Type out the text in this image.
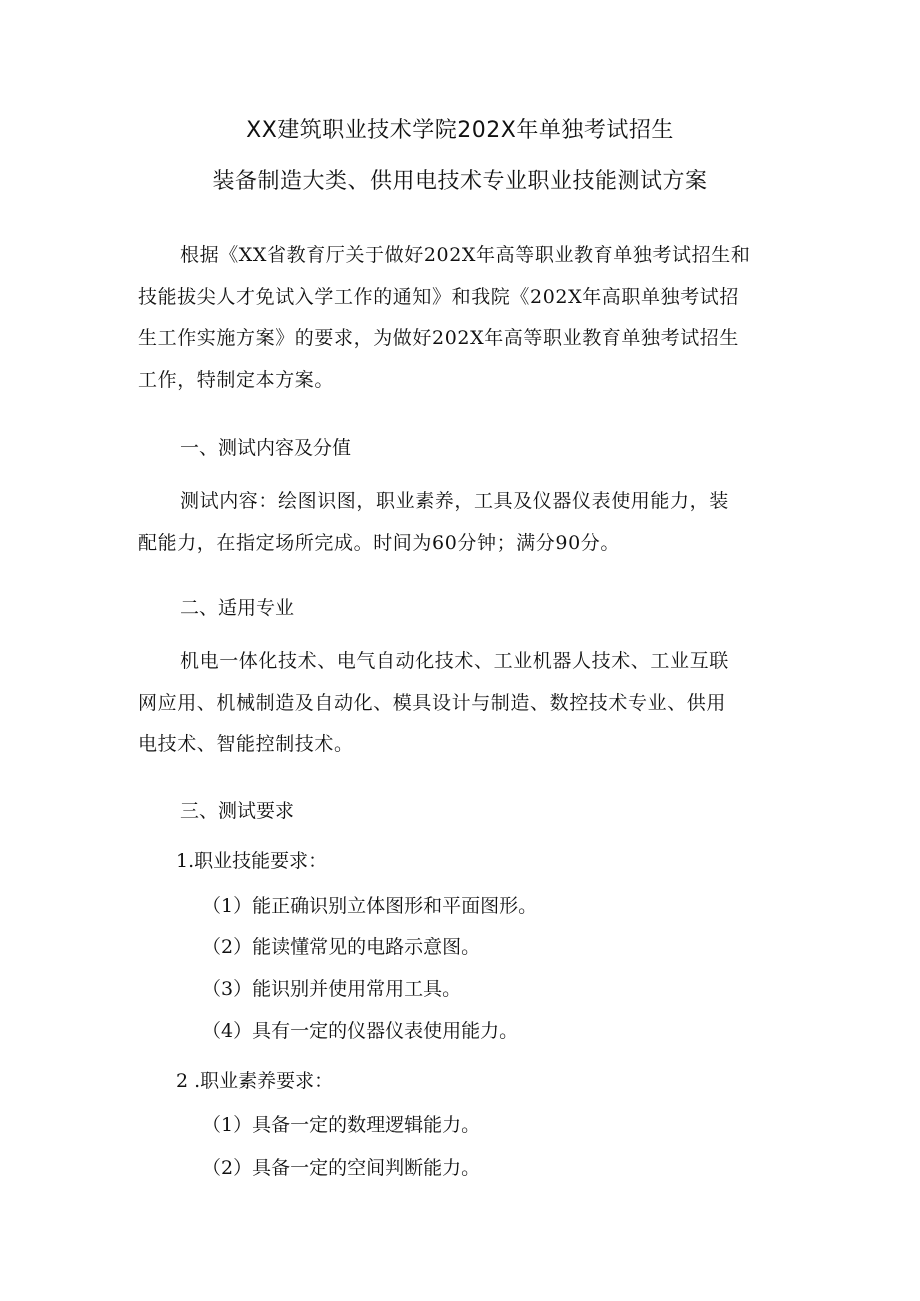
XX建筑职业技术学院202X年单独考试招生
装备制造大类、供用电技术专业职业技能测试方案
根据《XX省教育厅关于做好202X年高等职业教育单独考试招生和
技能拔尖人才免试入学工作的通知》和我院《202X年高职单独考试招
生工作实施方案》的要求，为做好202X年高等职业教育单独考试招生
工作，特制定本方案。
一、测试内容及分值
测试内容：绘图识图，职业素养，工具及仪器仪表使用能力，装
配能力，在指定场所完成。时间为60分钟；满分90分。
二、适用专业
机电一体化技术、电气自动化技术、工业机器人技术、工业互联
网应用、机械制造及自动化、模具设计与制造、数控技术专业、供用
电技术、智能控制技术。
三、测试要求
1.职业技能要求：
（1）能正确识别立体图形和平面图形。
（2）能读懂常见的电路示意图。
（3）能识别并使用常用工具。
（4）具有一定的仪器仪表使用能力。
2 .职业素养要求：
（1）具备一定的数理逻辑能力。
（2）具备一定的空间判断能力。
